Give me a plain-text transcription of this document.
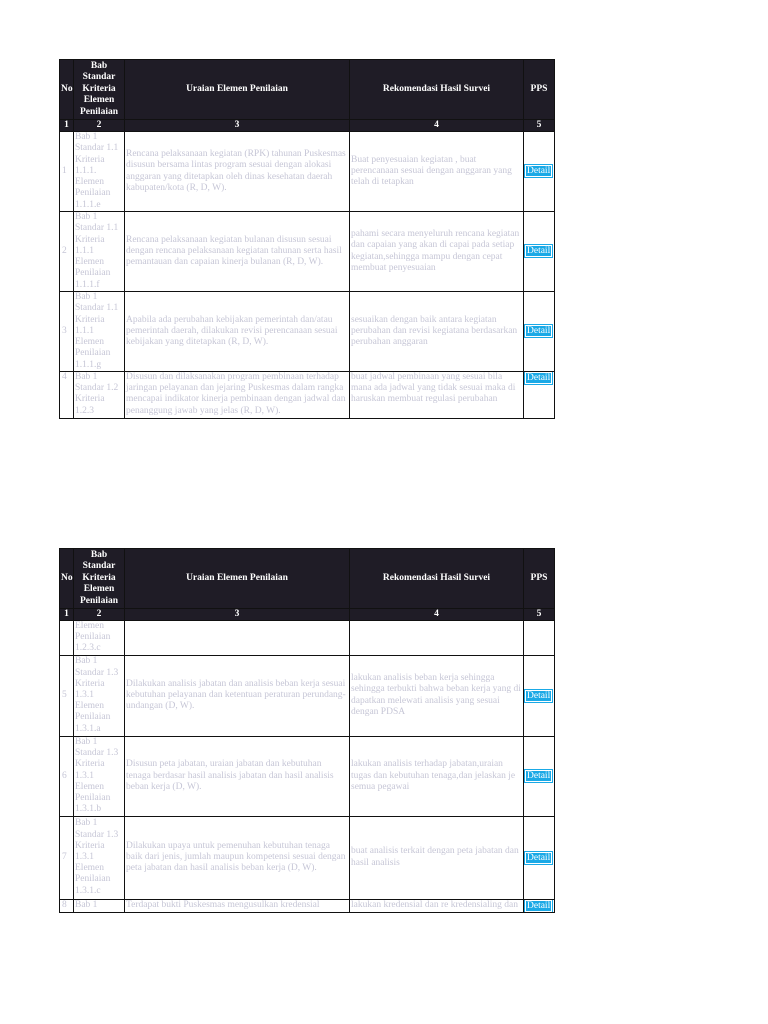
No	Bab Standar Kriteria Elemen Penilaian	Uraian Elemen Penilaian	Rekomendasi Hasil Survei	PPS
1	2	3	4	5
1	Bab 1 Standar 1.1 Kriteria 1.1.1. Elemen Penilaian 1.1.1.e	Rencana pelaksanaan kegiatan (RPK) tahunan Puskesmas disusun bersama lintas program sesuai dengan alokasi anggaran yang ditetapkan oleh dinas kesehatan daerah kabupaten/kota (R, D, W).	Buat penyesuaian kegiatan , buat perencanaan sesuai dengan anggaran yang telah di tetapkan	Detail
2	Bab 1 Standar 1.1 Kriteria 1.1.1 Elemen Penilaian 1.1.1.f	Rencana pelaksanaan kegiatan bulanan disusun sesuai dengan rencana pelaksanaan kegiatan tahunan serta hasil pemantauan dan capaian kinerja bulanan (R, D, W).	pahami secara menyeluruh rencana kegiatan dan capaian yang akan di capai pada setiap kegiatan,sehingga mampu dengan cepat membuat penyesuaian	Detail
3	Bab 1 Standar 1.1 Kriteria 1.1.1 Elemen Penilaian 1.1.1.g	Apabila ada perubahan kebijakan pemerintah dan/atau pemerintah daerah, dilakukan revisi perencanaan sesuai kebijakan yang ditetapkan (R, D, W).	sesuaikan dengan baik antara kegiatan perubahan dan revisi kegiatana berdasarkan perubahan anggaran	Detail
4	Bab 1 Standar 1.2 Kriteria 1.2.3	Disusun dan dilaksanakan program pembinaan terhadap jaringan pelayanan dan jejaring Puskesmas dalam rangka mencapai indikator kinerja pembinaan dengan jadwal dan penanggung jawab yang jelas (R, D, W).	buat jadwal pembinaan yang sesuai bila mana ada jadwal yang tidak sesuai maka di haruskan membuat regulasi perubahan	Detail
No	Bab Standar Kriteria Elemen Penilaian	Uraian Elemen Penilaian	Rekomendasi Hasil Survei	PPS
1	2	3	4	5
	Elemen Penilaian 1.2.3.c			
5	Bab 1 Standar 1.3 Kriteria 1.3.1 Elemen Penilaian 1.3.1.a	Dilakukan analisis jabatan dan analisis beban kerja sesuai kebutuhan pelayanan dan ketentuan peraturan perundang-undangan (D, W).	lakukan analisis beban kerja sehingga sehingga terbukti bahwa beban kerja yang di dapatkan melewati analisis yang sesuai dengan PDSA	Detail
6	Bab 1 Standar 1.3 Kriteria 1.3.1 Elemen Penilaian 1.3.1.b	Disusun peta jabatan, uraian jabatan dan kebutuhan tenaga berdasar hasil analisis jabatan dan hasil analisis beban kerja (D, W).	lakukan analisis terhadap jabatan,uraian tugas dan kebutuhan tenaga,dan jelaskan je semua pegawai	Detail
7	Bab 1 Standar 1.3 Kriteria 1.3.1 Elemen Penilaian 1.3.1.c	Dilakukan upaya untuk pemenuhan kebutuhan tenaga baik dari jenis, jumlah maupun kompetensi sesuai dengan peta jabatan dan hasil analisis beban kerja (D, W).	buat analisis terkait dengan peta jabatan dan hasil analisis	Detail
8	Bab 1	Terdapat bukti Puskesmas mengusulkan kredensial	lakukan kredensial dan re kredensialing dan	Detail
